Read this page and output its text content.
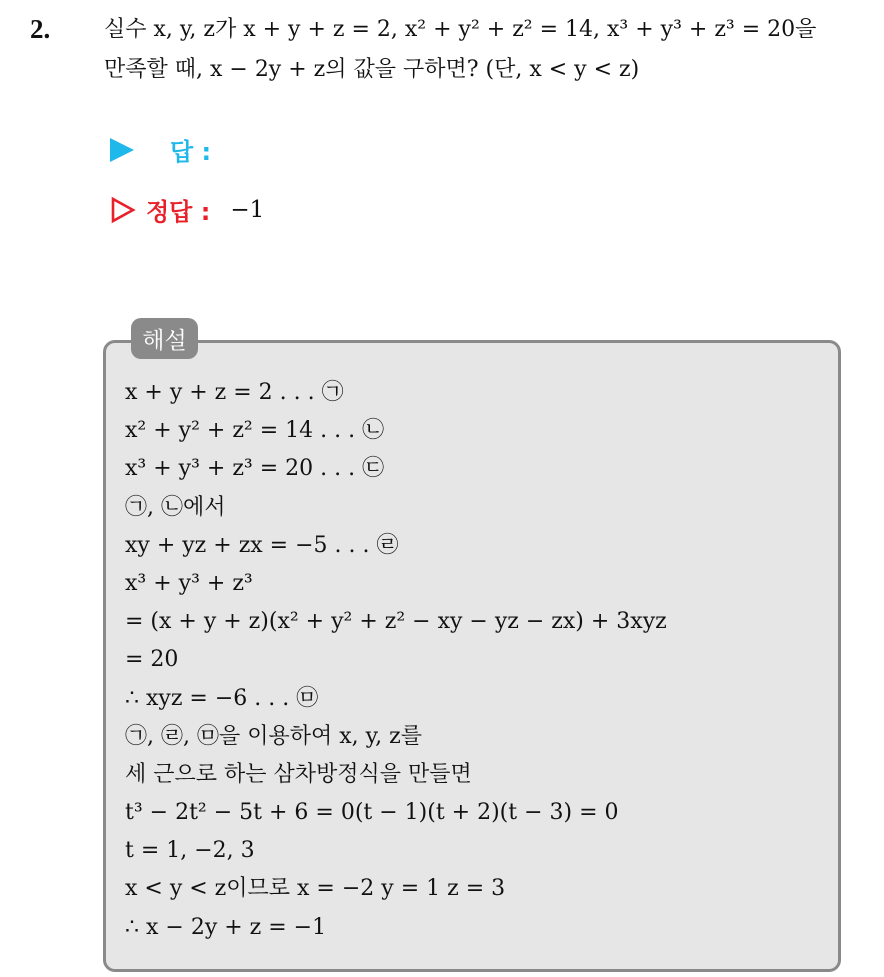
2. 실수 x, y, z가 x + y + z = 2, x² + y² + z² = 14, x³ + y³ + z³ = 20을
만족할 때, x − 2y + z의 값을 구하면? (단, x < y < z)
답 :
정답 : −1
해설
x + y + z = 2 . . . ㉠
x² + y² + z² = 14 . . . ㉡
x³ + y³ + z³ = 20 . . . ㉢
㉠, ㉡에서
xy + yz + zx = −5 . . . ㉣
x³ + y³ + z³
= (x + y + z)(x² + y² + z² − xy − yz − zx) + 3xyz
= 20
∴ xyz = −6 . . . ㉤
㉠, ㉣, ㉤을 이용하여 x, y, z를
세 근으로 하는 삼차방정식을 만들면
t³ − 2t² − 5t + 6 = 0(t − 1)(t + 2)(t − 3) = 0
t = 1, −2, 3
x < y < z이므로 x = −2 y = 1 z = 3
∴ x − 2y + z = −1
